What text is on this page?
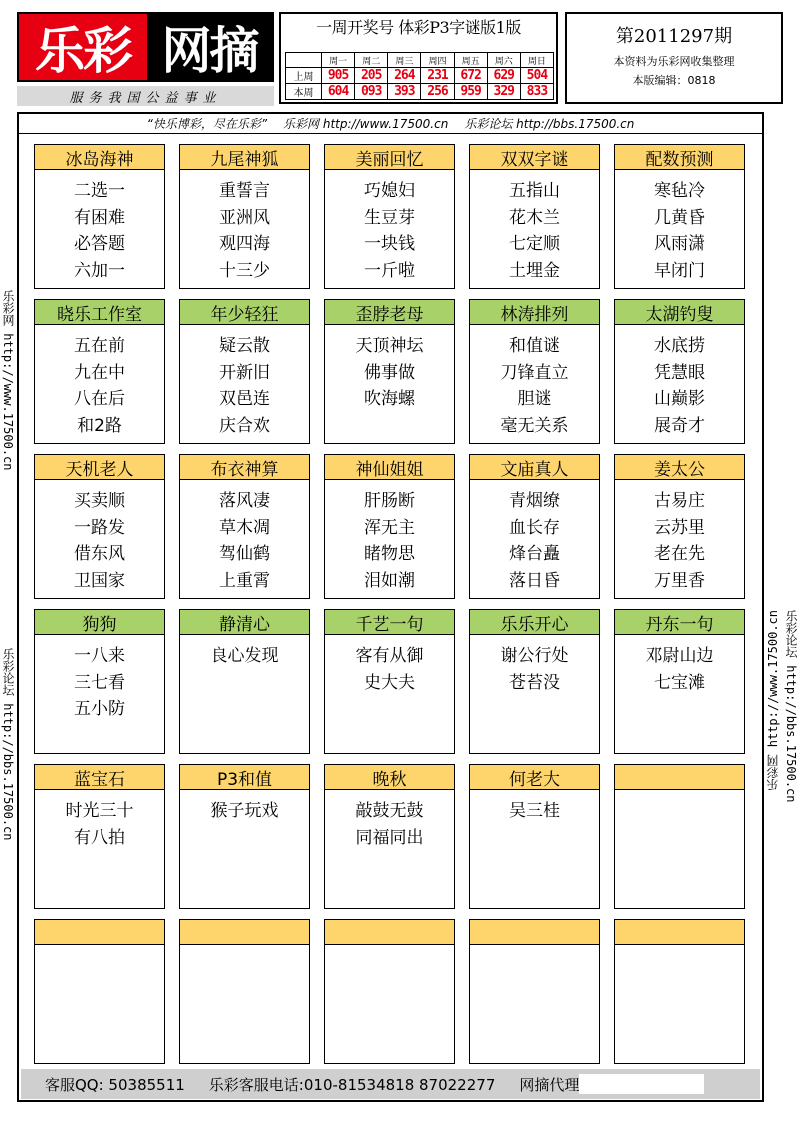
乐彩 网摘
服务我国公益事业
一周开奖号 体彩P3字谜版1版
	周一	周二	周三	周四	周五	周六	周日
上周	905	205	264	231	672	629	504
本周	604	093	393	256	959	329	833
第2011297期
本资料为乐彩网收集整理
本版编辑：0818
乐彩网 http://www.17500.cn
乐彩论坛 http://bbs.17500.cn	乐彩网 http://www.17500.cn 乐彩论坛 http://bbs.17500.cn
“快乐博彩，尽在乐彩” 乐彩网 http://www.17500.cn 乐彩论坛 http://bbs.17500.cn
冰岛海神
二选一
有困难
必答题
六加一
九尾神狐
重誓言
亚洲风
观四海
十三少
美丽回忆
巧媳妇
生豆芽
一块钱
一斤啦
双双字谜
五指山
花木兰
七定顺
土埋金
配数预测
寒毡冷
几黄昏
风雨潇
早闭门
晓乐工作室
五在前
九在中
八在后
和2路
年少轻狂
疑云散
开新旧
双邑连
庆合欢
歪脖老母
天顶神坛
佛事做
吹海螺
林涛排列
和值谜
刀锋直立
胆谜
毫无关系
太湖钓叟
水底捞
凭慧眼
山巅影
展奇才
天机老人
买卖顺
一路发
借东风
卫国家
布衣神算
落风凄
草木凋
驾仙鹤
上重霄
神仙姐姐
肝肠断
浑无主
睹物思
泪如潮
文庙真人
青烟缭
血长存
烽台矗
落日昏
姜太公
古易庄
云苏里
老在先
万里香
狗狗
一八来
三七看
五小防
静清心
良心发现
千艺一句
客有从御
史大夫
乐乐开心
谢公行处
苍苔没
丹东一句
邓尉山边
七宝滩
蓝宝石
时光三十
有八拍
P3和值
猴子玩戏
晚秋
敲鼓无鼓
同福同出
何老大
吴三桂
客服QQ: 50385511 乐彩客服电话:010-81534818 87022277 网摘代理
